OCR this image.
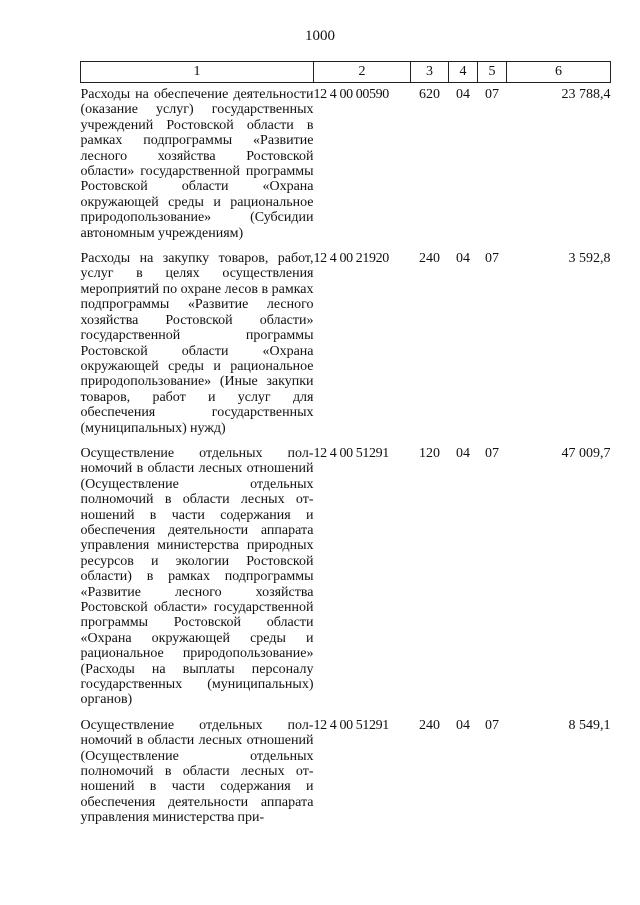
1000
1	2	3	4	5	6
Расходы на обеспечение деятельности (оказание услуг) государственных учреждений Ростовской области в рамках подпрограммы «Развитие лесного хозяйства Ростовской области» государственной программы Ростовской области «Охрана окружающей среды и рациональное природопользование» (Субсидии автономным учреждениям)	12 4 00 00590	620	04	07	23 788,4
Расходы на закупку товаров, работ, услуг в целях осуществления мероприятий по охране лесов в рамках подпрограммы «Развитие лесного хозяйства Ростовской области» государственной программы Ростовской области «Охрана окружающей среды и рациональное природопользование» (Иные закупки товаров, работ и услуг для обеспечения государственных (муниципальных) нужд)	12 4 00 21920	240	04	07	3 592,8
Осуществление отдельных полномочий в области лесных отношений (Осуществление отдельных полномочий в области лесных отношений в части содержания и обеспечения деятельности аппарата управления министерства природных ресурсов и экологии Ростовской области) в рамках подпрограммы «Развитие лесного хозяйства Ростовской области» государственной программы Ростовской области «Охрана окружающей среды и рациональное природопользование» (Расходы на выплаты персоналу государственных (муниципальных) органов)	12 4 00 51291	120	04	07	47 009,7
Осуществление отдельных полномочий в области лесных отношений (Осуществление отдельных полномочий в области лесных отношений в части содержания и обеспечения деятельности аппарата управления министерства при-	12 4 00 51291	240	04	07	8 549,1
